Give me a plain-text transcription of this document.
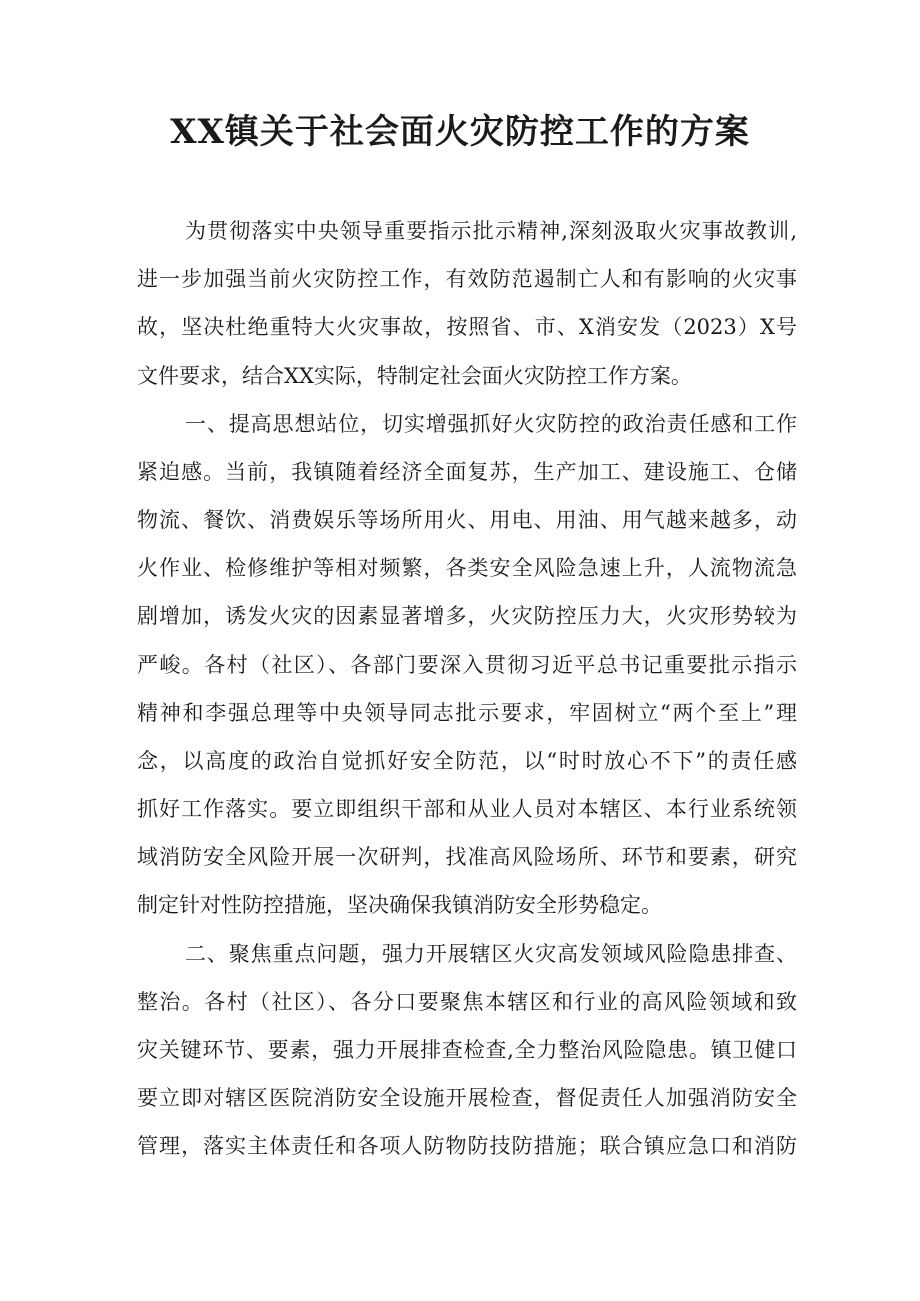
XX镇关于社会面火灾防控工作的方案
为贯彻落实中央领导重要指示批示精神,深刻汲取火灾事故教训,
进一步加强当前火灾防控工作，有效防范遏制亡人和有影响的火灾事
故，坚决杜绝重特大火灾事故，按照省、市、X消安发（2023）X号
文件要求，结合XX实际，特制定社会面火灾防控工作方案。
一、提高思想站位，切实增强抓好火灾防控的政治责任感和工作
紧迫感。当前，我镇随着经济全面复苏，生产加工、建设施工、仓储
物流、餐饮、消费娱乐等场所用火、用电、用油、用气越来越多，动
火作业、检修维护等相对频繁，各类安全风险急速上升，人流物流急
剧增加，诱发火灾的因素显著增多，火灾防控压力大，火灾形势较为
严峻。各村（社区）、各部门要深入贯彻习近平总书记重要批示指示
精神和李强总理等中央领导同志批示要求，牢固树立“两个至上”理
念，以高度的政治自觉抓好安全防范，以“时时放心不下”的责任感
抓好工作落实。要立即组织干部和从业人员对本辖区、本行业系统领
域消防安全风险开展一次研判，找准高风险场所、环节和要素，研究
制定针对性防控措施，坚决确保我镇消防安全形势稳定。
二、聚焦重点问题，强力开展辖区火灾高发领域风险隐患排查、
整治。各村（社区）、各分口要聚焦本辖区和行业的高风险领域和致
灾关键环节、要素，强力开展排查检查,全力整治风险隐患。镇卫健口
要立即对辖区医院消防安全设施开展检查，督促责任人加强消防安全
管理，落实主体责任和各项人防物防技防措施；联合镇应急口和消防
